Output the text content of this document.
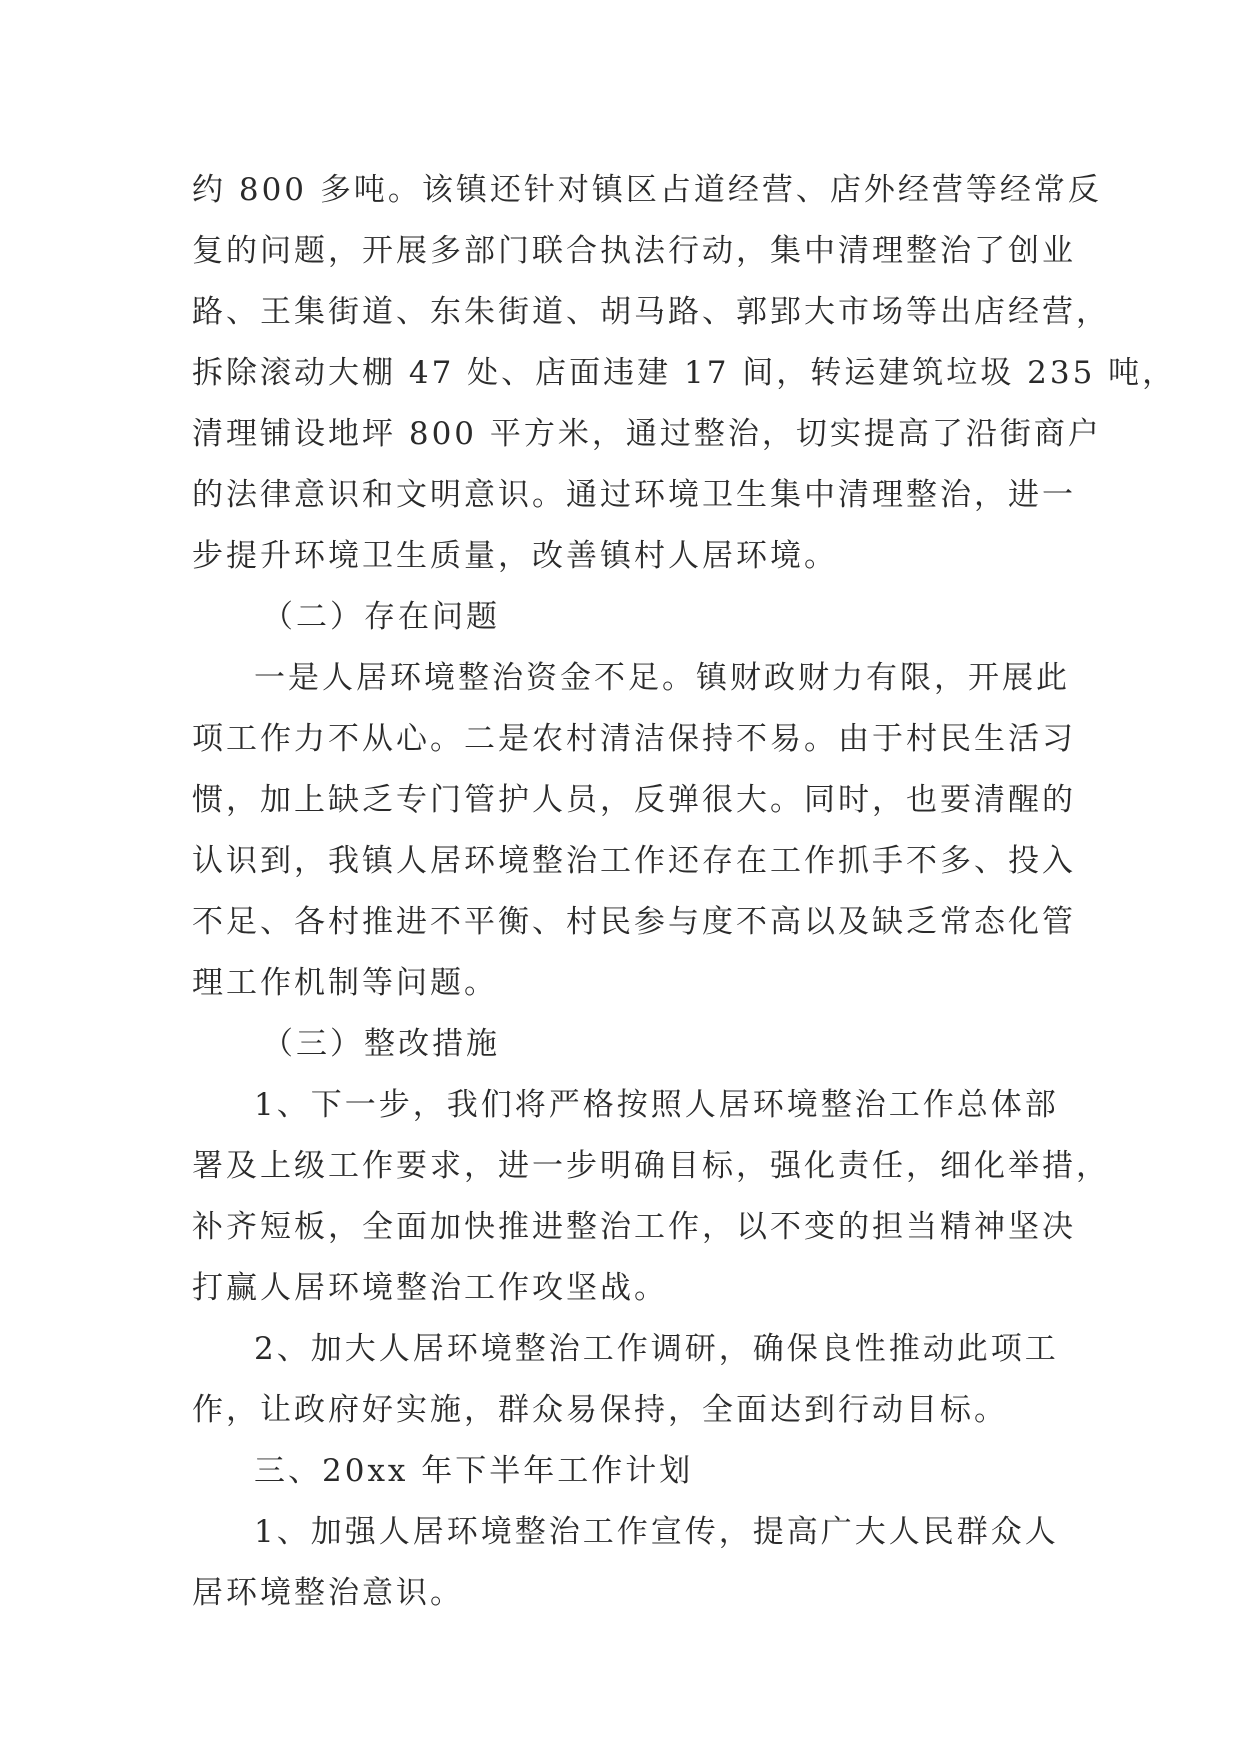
约 800 多吨。该镇还针对镇区占道经营、店外经营等经常反
复的问题，开展多部门联合执法行动，集中清理整治了创业
路、王集街道、东朱街道、胡马路、郭郢大市场等出店经营，
拆除滚动大棚 47 处、店面违建 17 间，转运建筑垃圾 235 吨，
清理铺设地坪 800 平方米，通过整治，切实提高了沿街商户
的法律意识和文明意识。通过环境卫生集中清理整治，进一
步提升环境卫生质量，改善镇村人居环境。
（二）存在问题
一是人居环境整治资金不足。镇财政财力有限，开展此
项工作力不从心。二是农村清洁保持不易。由于村民生活习
惯，加上缺乏专门管护人员，反弹很大。同时，也要清醒的
认识到，我镇人居环境整治工作还存在工作抓手不多、投入
不足、各村推进不平衡、村民参与度不高以及缺乏常态化管
理工作机制等问题。
（三）整改措施
1、下一步，我们将严格按照人居环境整治工作总体部
署及上级工作要求，进一步明确目标，强化责任，细化举措，
补齐短板，全面加快推进整治工作，以不变的担当精神坚决
打赢人居环境整治工作攻坚战。
2、加大人居环境整治工作调研，确保良性推动此项工
作，让政府好实施，群众易保持，全面达到行动目标。
三、20xx 年下半年工作计划
1、加强人居环境整治工作宣传，提高广大人民群众人
居环境整治意识。
